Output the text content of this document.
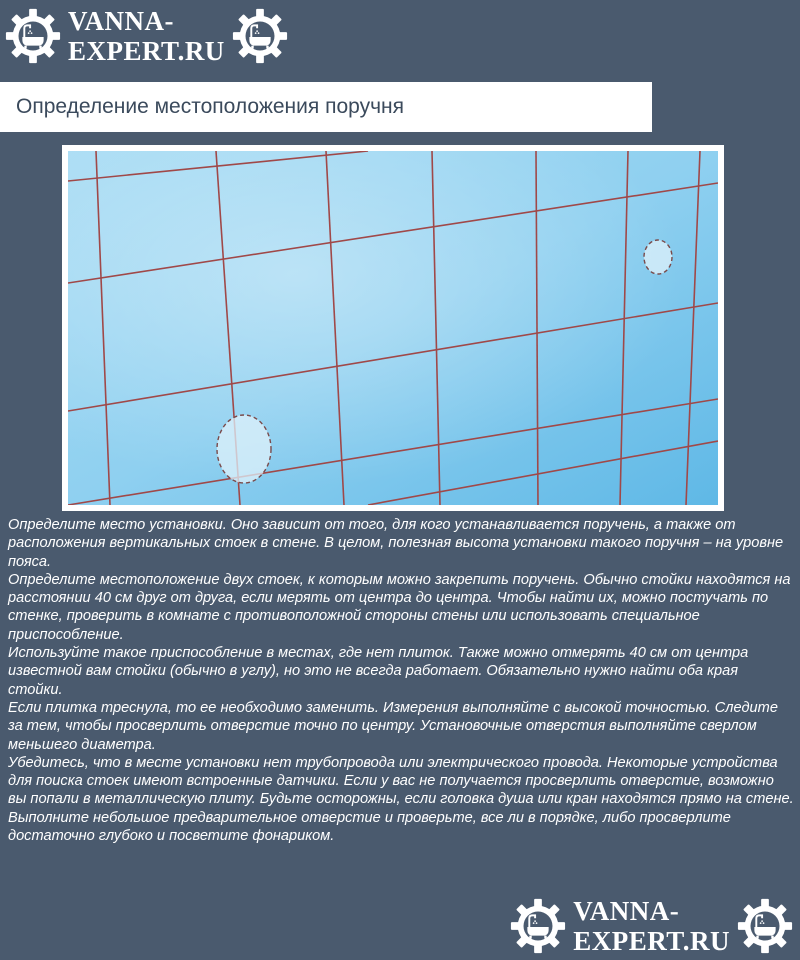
VANNA-
EXPERT.RU
Определение местоположения поручня

Определите место установки. Оно зависит от того, для кого устанавливается поручень, а также от расположения вертикальных стоек в стене. В целом, полезная высота установки такого поручня – на уровне пояса.

Определите местоположение двух стоек, к которым можно закрепить поручень. Обычно стойки находятся на расстоянии 40 см друг от друга, если мерять от центра до центра. Чтобы найти их, можно постучать по стенке, проверить в комнате с противоположной стороны стены или использовать специальное приспособление.

Используйте такое приспособление в местах, где нет плиток. Также можно отмерять 40 см от центра известной вам стойки (обычно в углу), но это не всегда работает. Обязательно нужно найти оба края стойки.

Если плитка треснула, то ее необходимо заменить. Измерения выполняйте с высокой точностью. Следите за тем, чтобы просверлить отверстие точно по центру. Установочные отверстия выполняйте сверлом меньшего диаметра.

Убедитесь, что в месте установки нет трубопровода или электрического провода. Некоторые устройства для поиска стоек имеют встроенные датчики. Если у вас не получается просверлить отверстие, возможно вы попали в металлическую плиту. Будьте осторожны, если головка душа или кран находятся прямо на стене. Выполните небольшое предварительное отверстие и проверьте, все ли в порядке, либо просверлите достаточно глубоко и посветите фонариком.

VANNA-
EXPERT.RU
